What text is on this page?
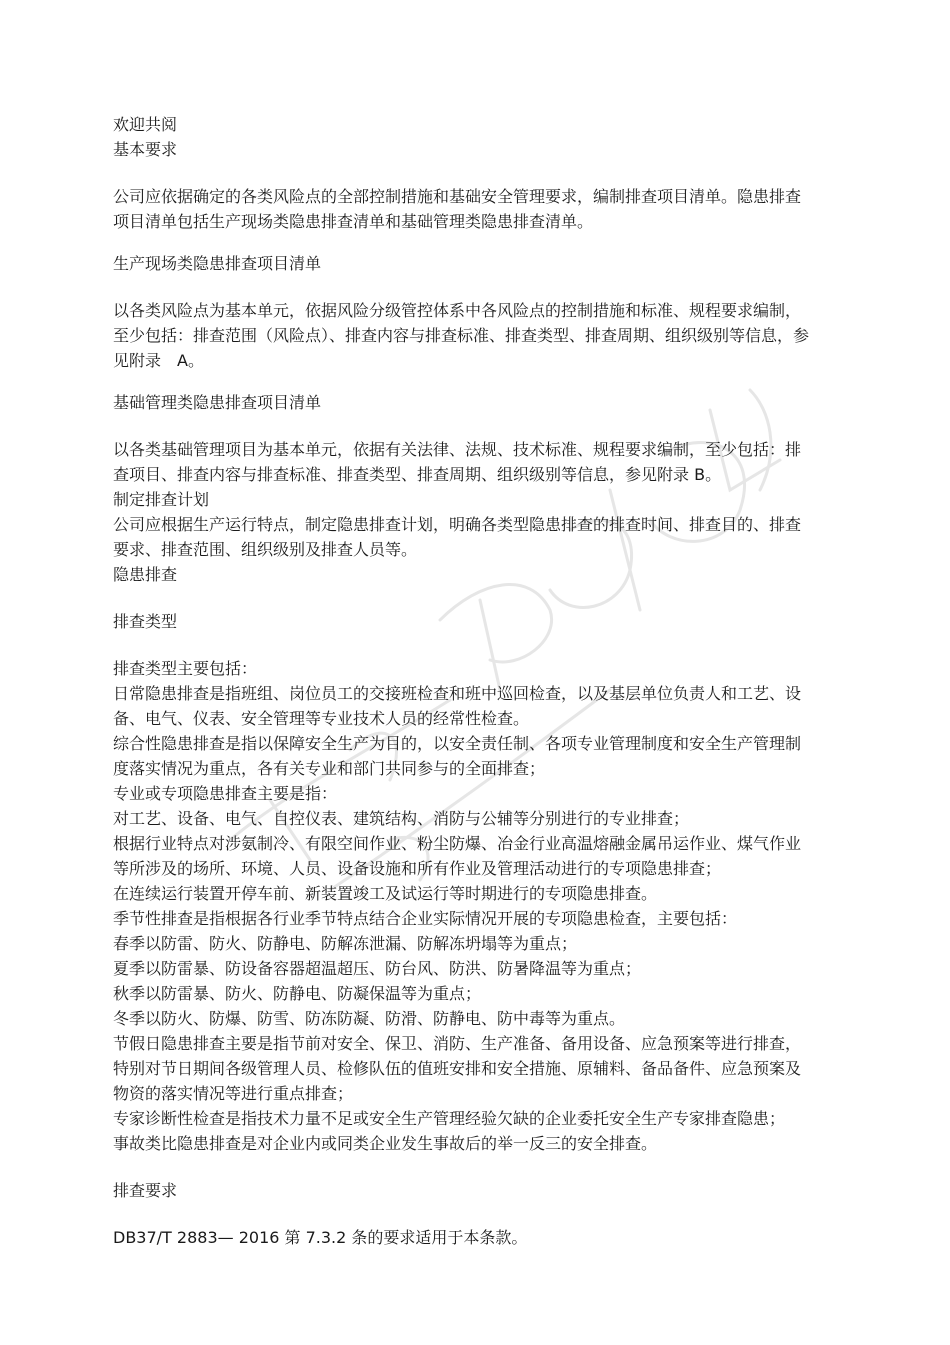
欢迎共阅

基本要求

公司应依据确定的各类风险点的全部控制措施和基础安全管理要求，编制排查项目清单。隐患排查项目清单包括生产现场类隐患排查清单和基础管理类隐患排查清单。

生产现场类隐患排查项目清单

以各类风险点为基本单元，依据风险分级管控体系中各风险点的控制措施和标准、规程要求编制，至少包括：排查范围（风险点）、排查内容与排查标准、排查类型、排查周期、组织级别等信息，参见附录　A。

基础管理类隐患排查项目清单

以各类基础管理项目为基本单元，依据有关法律、法规、技术标准、规程要求编制，至少包括：排查项目、排查内容与排查标准、排查类型、排查周期、组织级别等信息，参见附录 B。

制定排查计划

公司应根据生产运行特点，制定隐患排查计划，明确各类型隐患排查的排查时间、排查目的、排查要求、排查范围、组织级别及排查人员等。

隐患排查

排查类型

排查类型主要包括：

日常隐患排查是指班组、岗位员工的交接班检查和班中巡回检查，以及基层单位负责人和工艺、设备、电气、仪表、安全管理等专业技术人员的经常性检查。

综合性隐患排查是指以保障安全生产为目的，以安全责任制、各项专业管理制度和安全生产管理制度落实情况为重点，各有关专业和部门共同参与的全面排查；

专业或专项隐患排查主要是指：

对工艺、设备、电气、自控仪表、建筑结构、消防与公辅等分别进行的专业排查；

根据行业特点对涉氨制冷、有限空间作业、粉尘防爆、冶金行业高温熔融金属吊运作业、煤气作业等所涉及的场所、环境、人员、设备设施和所有作业及管理活动进行的专项隐患排查；

在连续运行装置开停车前、新装置竣工及试运行等时期进行的专项隐患排查。

季节性排查是指根据各行业季节特点结合企业实际情况开展的专项隐患检查，主要包括：

春季以防雷、防火、防静电、防解冻泄漏、防解冻坍塌等为重点；

夏季以防雷暴、防设备容器超温超压、防台风、防洪、防暑降温等为重点；

秋季以防雷暴、防火、防静电、防凝保温等为重点；

冬季以防火、防爆、防雪、防冻防凝、防滑、防静电、防中毒等为重点。

节假日隐患排查主要是指节前对安全、保卫、消防、生产准备、备用设备、应急预案等进行排查，特别对节日期间各级管理人员、检修队伍的值班安排和安全措施、原辅料、备品备件、应急预案及物资的落实情况等进行重点排查；

专家诊断性检查是指技术力量不足或安全生产管理经验欠缺的企业委托安全生产专家排查隐患；

事故类比隐患排查是对企业内或同类企业发生事故后的举一反三的安全排查。

排查要求

DB37/T 2883— 2016 第 7.3.2 条的要求适用于本条款。
